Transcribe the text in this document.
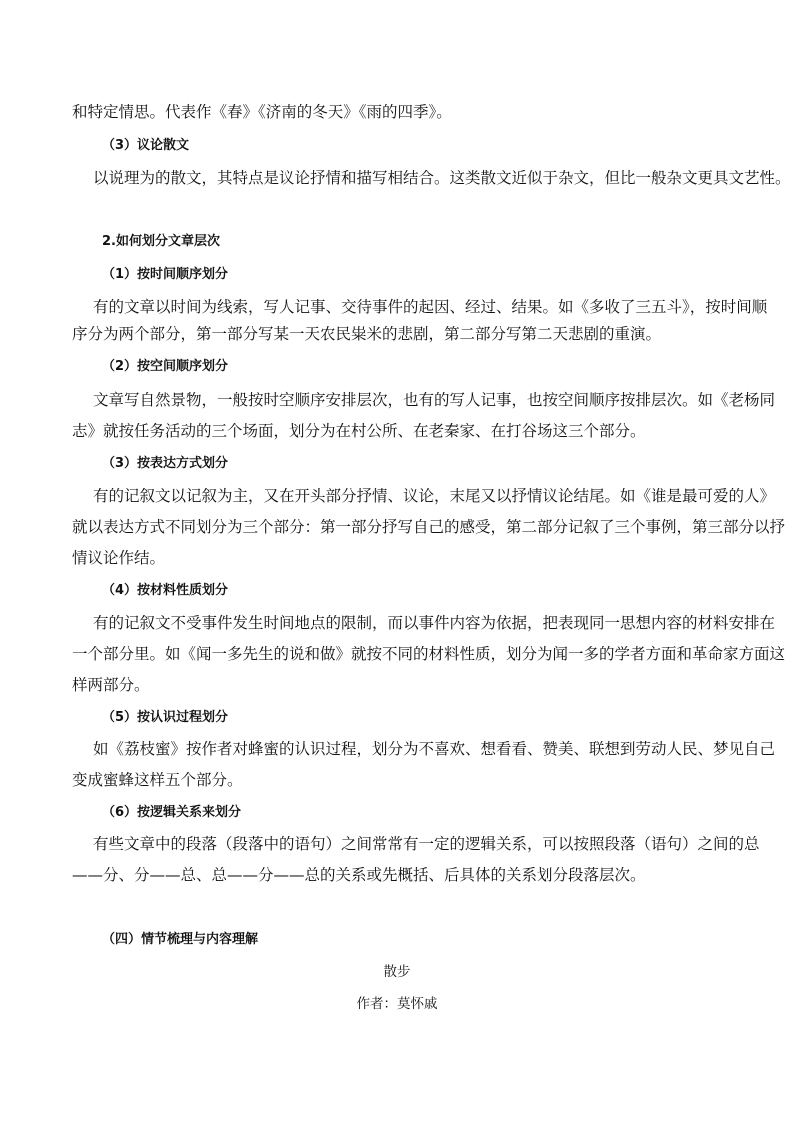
和特定情思。代表作《春》《济南的冬天》《雨的四季》。
（3）议论散文
以说理为的散文，其特点是议论抒情和描写相结合。这类散文近似于杂文，但比一般杂文更具文艺性。
2.如何划分文章层次
（1）按时间顺序划分
有的文章以时间为线索，写人记事、交待事件的起因、经过、结果。如《多收了三五斗》，按时间顺
序分为两个部分，第一部分写某一天农民粜米的悲剧，第二部分写第二天悲剧的重演。
（2）按空间顺序划分
文章写自然景物，一般按时空顺序安排层次，也有的写人记事，也按空间顺序按排层次。如《老杨同
志》就按任务活动的三个场面，划分为在村公所、在老秦家、在打谷场这三个部分。
（3）按表达方式划分
有的记叙文以记叙为主，又在开头部分抒情、议论，末尾又以抒情议论结尾。如《谁是最可爱的人》
就以表达方式不同划分为三个部分：第一部分抒写自己的感受，第二部分记叙了三个事例，第三部分以抒
情议论作结。
（4）按材料性质划分
有的记叙文不受事件发生时间地点的限制，而以事件内容为依据，把表现同一思想内容的材料安排在
一个部分里。如《闻一多先生的说和做》就按不同的材料性质，划分为闻一多的学者方面和革命家方面这
样两部分。
（5）按认识过程划分
如《荔枝蜜》按作者对蜂蜜的认识过程，划分为不喜欢、想看看、赞美、联想到劳动人民、梦见自己
变成蜜蜂这样五个部分。
（6）按逻辑关系来划分
有些文章中的段落（段落中的语句）之间常常有一定的逻辑关系，可以按照段落（语句）之间的总
——分、分——总、总——分——总的关系或先概括、后具体的关系划分段落层次。
（四）情节梳理与内容理解
散步
作者：莫怀戚
